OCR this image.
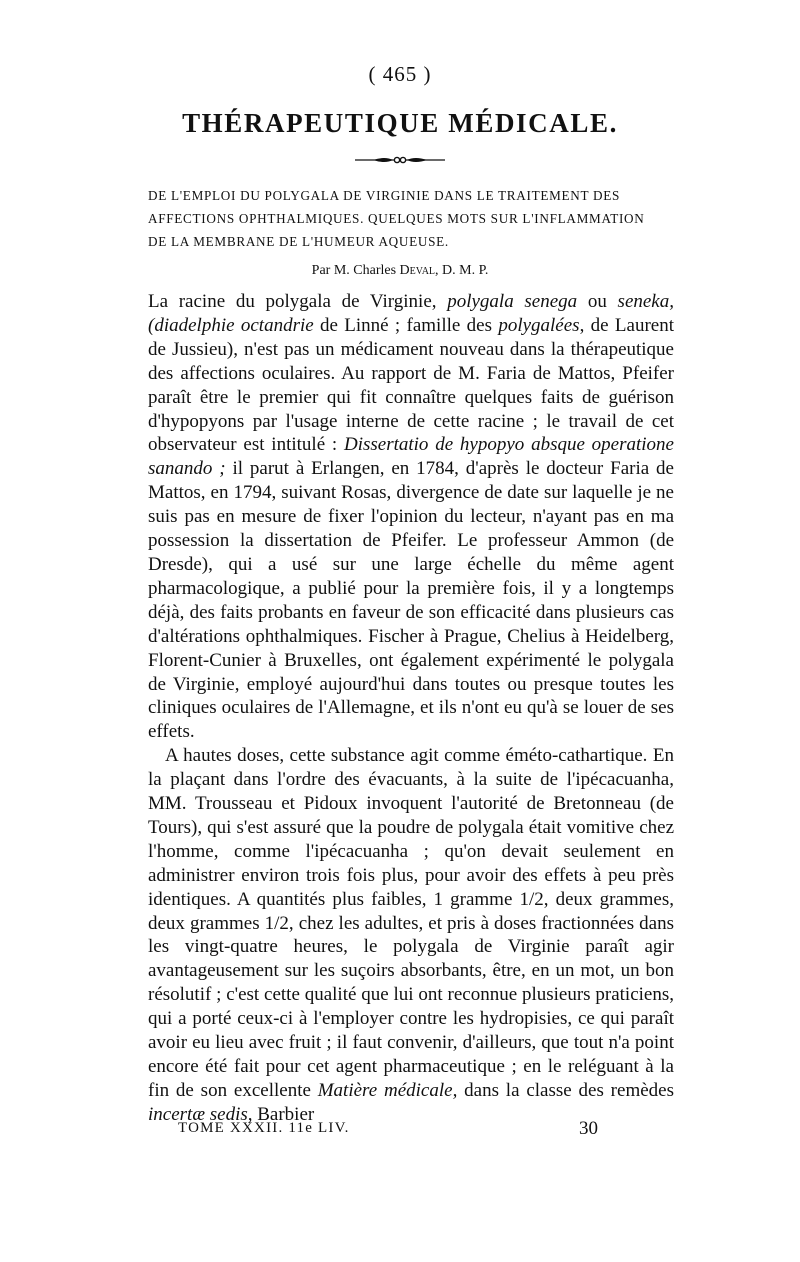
( 465 )
THÉRAPEUTIQUE MÉDICALE.
DE L'EMPLOI DU POLYGALA DE VIRGINIE DANS LE TRAITEMENT DES
AFFECTIONS OPHTHALMIQUES. QUELQUES MOTS SUR L'INFLAMMATION
DE LA MEMBRANE DE L'HUMEUR AQUEUSE.
Par M. Charles Deval, D. M. P.

La racine du polygala de Virginie, polygala senega ou seneka, (diadelphie octandrie de Linné ; famille des polygalées, de Laurent de Jussieu), n'est pas un médicament nouveau dans la thérapeutique des affections oculaires. Au rapport de M. Faria de Mattos, Pfeifer paraît être le premier qui fit connaître quelques faits de guérison d'hypopyons par l'usage interne de cette racine ; le travail de cet observateur est intitulé : Dissertatio de hypopyo absque operatione sanando ; il parut à Erlangen, en 1784, d'après le docteur Faria de Mattos, en 1794, suivant Rosas, divergence de date sur laquelle je ne suis pas en mesure de fixer l'opinion du lecteur, n'ayant pas en ma possession la dissertation de Pfeifer. Le professeur Ammon (de Dresde), qui a usé sur une large échelle du même agent pharmacologique, a publié pour la première fois, il y a longtemps déjà, des faits probants en faveur de son efficacité dans plusieurs cas d'altérations ophthalmiques. Fischer à Prague, Chelius à Heidelberg, Florent-Cunier à Bruxelles, ont également expérimenté le polygala de Virginie, employé aujourd'hui dans toutes ou presque toutes les cliniques oculaires de l'Allemagne, et ils n'ont eu qu'à se louer de ses effets.

A hautes doses, cette substance agit comme éméto-cathartique. En la plaçant dans l'ordre des évacuants, à la suite de l'ipécacuanha, MM. Trousseau et Pidoux invoquent l'autorité de Bretonneau (de Tours), qui s'est assuré que la poudre de polygala était vomitive chez l'homme, comme l'ipécacuanha ; qu'on devait seulement en administrer environ trois fois plus, pour avoir des effets à peu près identiques. A quantités plus faibles, 1 gramme 1/2, deux grammes, deux grammes 1/2, chez les adultes, et pris à doses fractionnées dans les vingt-quatre heures, le polygala de Virginie paraît agir avantageusement sur les suçoirs absorbants, être, en un mot, un bon résolutif ; c'est cette qualité que lui ont reconnue plusieurs praticiens, qui a porté ceux-ci à l'employer contre les hydropisies, ce qui paraît avoir eu lieu avec fruit ; il faut convenir, d'ailleurs, que tout n'a point encore été fait pour cet agent pharmaceutique ; en le reléguant à la fin de son excellente Matière médicale, dans la classe des remèdes incertæ sedis, Barbier

TOME XXXII. 11e LIV.	30
